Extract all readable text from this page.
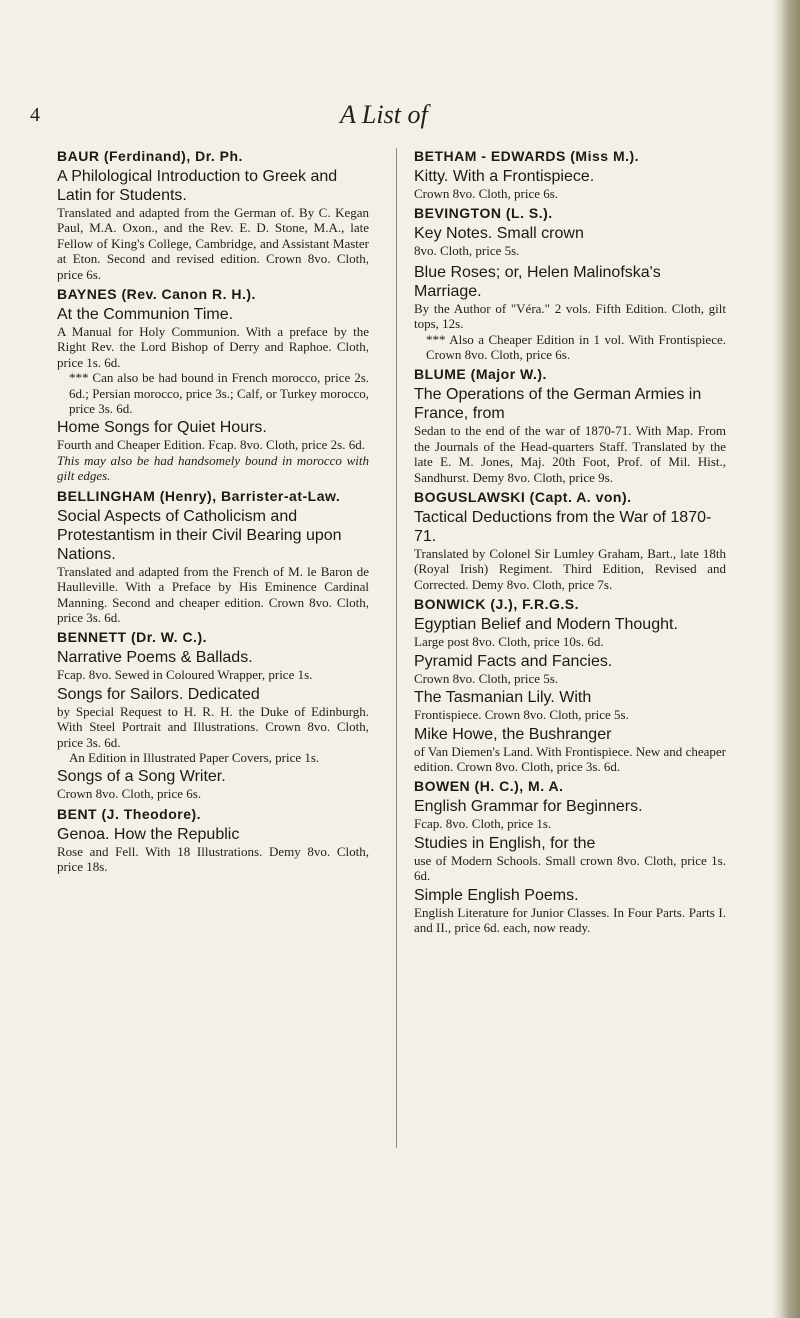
4	A List of
BAUR (Ferdinand), Dr. Ph.
A Philological Introduction to Greek and Latin for Students.
Translated and adapted from the German of. By C. Kegan Paul, M.A. Oxon., and the Rev. E. D. Stone, M.A., late Fellow of King's College, Cambridge, and Assistant Master at Eton. Second and revised edition. Crown 8vo. Cloth, price 6s.
BAYNES (Rev. Canon R. H.).
At the Communion Time.
A Manual for Holy Communion. With a preface by the Right Rev. the Lord Bishop of Derry and Raphoe. Cloth, price 1s. 6d.
*** Can also be had bound in French morocco, price 2s. 6d.; Persian morocco, price 3s.; Calf, or Turkey morocco, price 3s. 6d.
Home Songs for Quiet Hours.
Fourth and Cheaper Edition. Fcap. 8vo. Cloth, price 2s. 6d.
This may also be had handsomely bound in morocco with gilt edges.
BELLINGHAM (Henry), Barrister-at-Law.
Social Aspects of Catholicism and Protestantism in their Civil Bearing upon Nations.
Translated and adapted from the French of M. le Baron de Haulleville. With a Preface by His Eminence Cardinal Manning. Second and cheaper edition. Crown 8vo. Cloth, price 3s. 6d.
BENNETT (Dr. W. C.).
Narrative Poems & Ballads.
Fcap. 8vo. Sewed in Coloured Wrapper, price 1s.
Songs for Sailors. Dedicated
by Special Request to H. R. H. the Duke of Edinburgh. With Steel Portrait and Illustrations. Crown 8vo. Cloth, price 3s. 6d.
An Edition in Illustrated Paper Covers, price 1s.
Songs of a Song Writer.
Crown 8vo. Cloth, price 6s.
BENT (J. Theodore).
Genoa. How the Republic
Rose and Fell. With 18 Illustrations. Demy 8vo. Cloth, price 18s.
BETHAM - EDWARDS (Miss M.).
Kitty. With a Frontispiece.
Crown 8vo. Cloth, price 6s.
BEVINGTON (L. S.).
Key Notes. Small crown
8vo. Cloth, price 5s.
Blue Roses; or, Helen Malinofska's Marriage.
By the Author of "Véra." 2 vols. Fifth Edition. Cloth, gilt tops, 12s.
*** Also a Cheaper Edition in 1 vol. With Frontispiece. Crown 8vo. Cloth, price 6s.
BLUME (Major W.).
The Operations of the German Armies in France, from
Sedan to the end of the war of 1870-71. With Map. From the Journals of the Head-quarters Staff. Translated by the late E. M. Jones, Maj. 20th Foot, Prof. of Mil. Hist., Sandhurst. Demy 8vo. Cloth, price 9s.
BOGUSLAWSKI (Capt. A. von).
Tactical Deductions from the War of 1870-71.
Translated by Colonel Sir Lumley Graham, Bart., late 18th (Royal Irish) Regiment. Third Edition, Revised and Corrected. Demy 8vo. Cloth, price 7s.
BONWICK (J.), F.R.G.S.
Egyptian Belief and Modern Thought.
Large post 8vo. Cloth, price 10s. 6d.
Pyramid Facts and Fancies.
Crown 8vo. Cloth, price 5s.
The Tasmanian Lily. With
Frontispiece. Crown 8vo. Cloth, price 5s.
Mike Howe, the Bushranger
of Van Diemen's Land. With Frontispiece. New and cheaper edition. Crown 8vo. Cloth, price 3s. 6d.
BOWEN (H. C.), M. A.
English Grammar for Beginners.
Fcap. 8vo. Cloth, price 1s.
Studies in English, for the
use of Modern Schools. Small crown 8vo. Cloth, price 1s. 6d.
Simple English Poems.
English Literature for Junior Classes. In Four Parts. Parts I. and II., price 6d. each, now ready.
